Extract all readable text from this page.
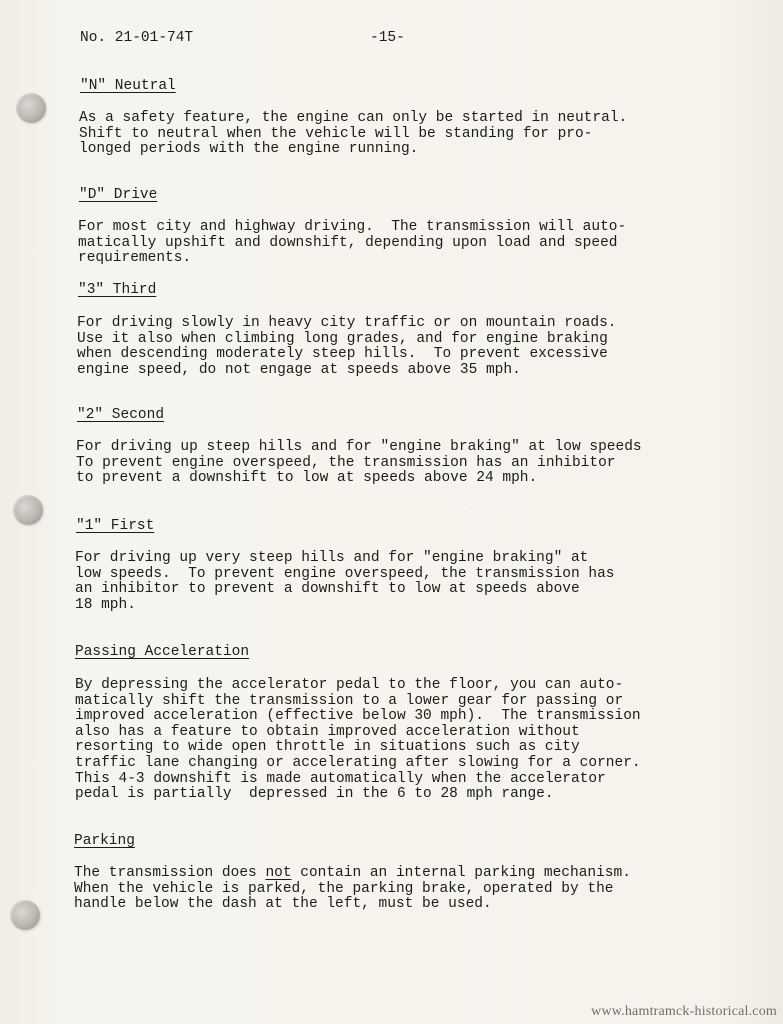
No. 21-01-74T	-15-
"N" Neutral
As a safety feature, the engine can only be started in neutral.
Shift to neutral when the vehicle will be standing for pro-
longed periods with the engine running.
"D" Drive
For most city and highway driving.  The transmission will auto-
matically upshift and downshift, depending upon load and speed
requirements.
"3" Third
For driving slowly in heavy city traffic or on mountain roads.
Use it also when climbing long grades, and for engine braking
when descending moderately steep hills.  To prevent excessive
engine speed, do not engage at speeds above 35 mph.
"2" Second
For driving up steep hills and for "engine braking" at low speeds
To prevent engine overspeed, the transmission has an inhibitor
to prevent a downshift to low at speeds above 24 mph.
"1" First
For driving up very steep hills and for "engine braking" at
low speeds.  To prevent engine overspeed, the transmission has
an inhibitor to prevent a downshift to low at speeds above
18 mph.
Passing Acceleration
By depressing the accelerator pedal to the floor, you can auto-
matically shift the transmission to a lower gear for passing or
improved acceleration (effective below 30 mph).  The transmission
also has a feature to obtain improved acceleration without
resorting to wide open throttle in situations such as city
traffic lane changing or accelerating after slowing for a corner.
This 4-3 downshift is made automatically when the accelerator
pedal is partially  depressed in the 6 to 28 mph range.
Parking
The transmission does not contain an internal parking mechanism.
When the vehicle is parked, the parking brake, operated by the
handle below the dash at the left, must be used.
www.hamtramck-historical.com
